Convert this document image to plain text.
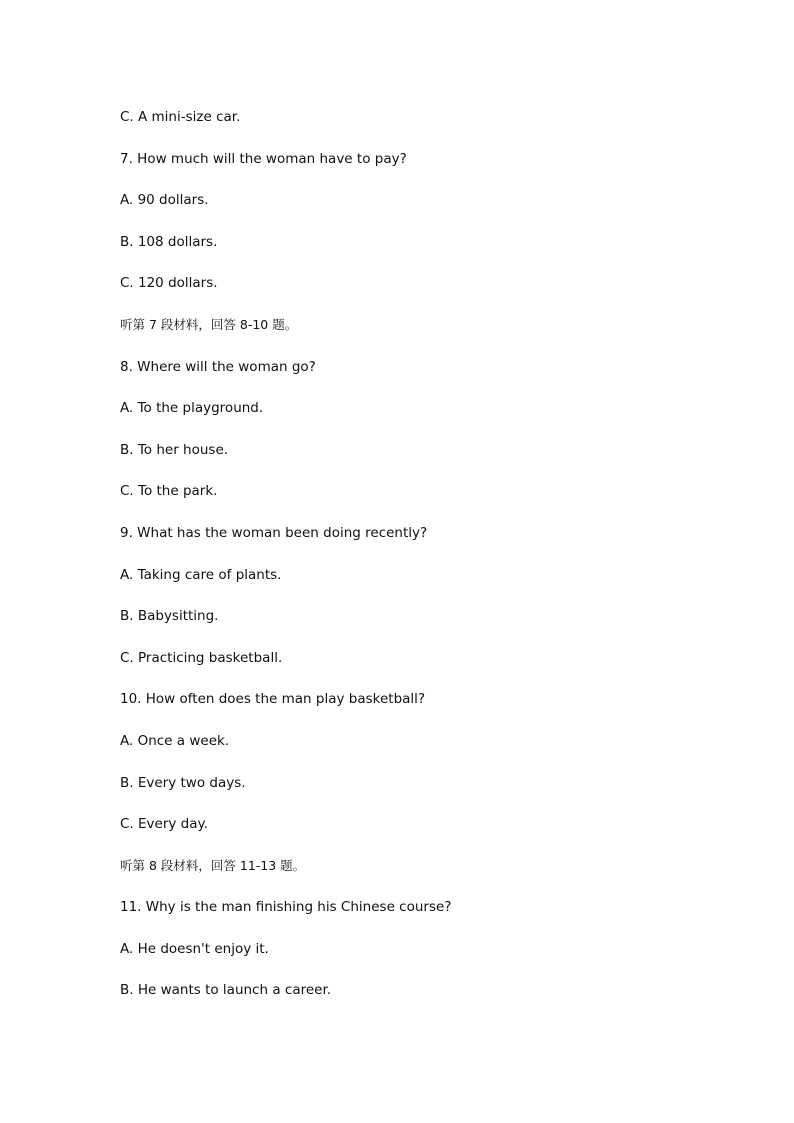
C. A mini-size car.
7. How much will the woman have to pay?
A. 90 dollars.
B. 108 dollars.
C. 120 dollars.
听第 7 段材料，回答 8-10 题。
8. Where will the woman go?
A. To the playground.
B. To her house.
C. To the park.
9. What has the woman been doing recently?
A. Taking care of plants.
B. Babysitting.
C. Practicing basketball.
10. How often does the man play basketball?
A. Once a week.
B. Every two days.
C. Every day.
听第 8 段材料，回答 11-13 题。
11. Why is the man finishing his Chinese course?
A. He doesn't enjoy it.
B. He wants to launch a career.
